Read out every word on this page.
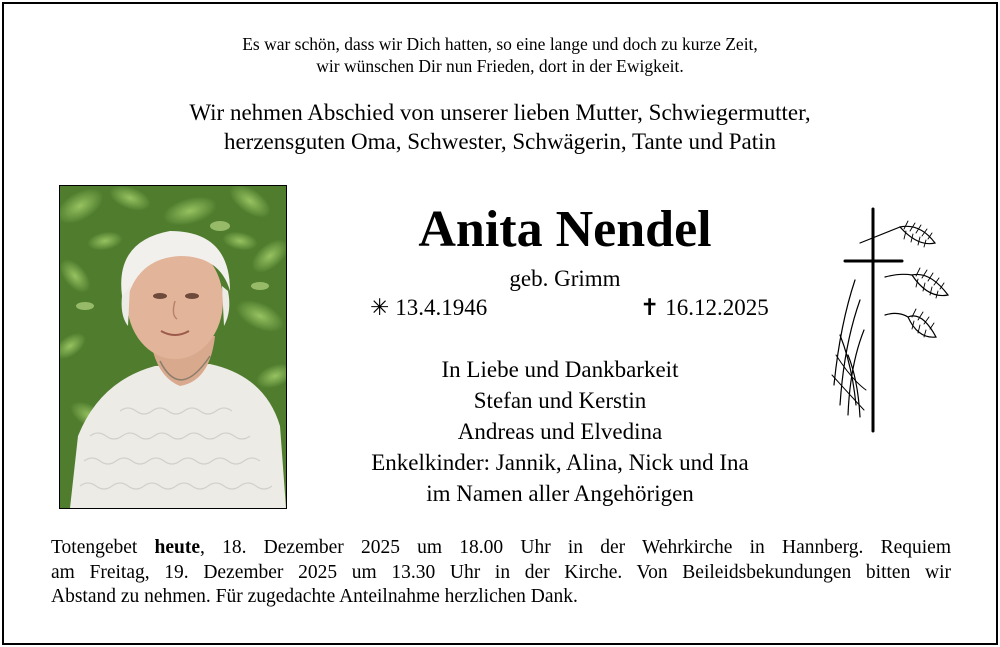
Es war schön, dass wir Dich hatten, so eine lange und doch zu kurze Zeit,
wir wünschen Dir nun Frieden, dort in der Ewigkeit.
Wir nehmen Abschied von unserer lieben Mutter, Schwiegermutter,
herzensguten Oma, Schwester, Schwägerin, Tante und Patin
Anita Nendel
geb. Grimm
✳ 13.4.1946	✝ 16.12.2025
In Liebe und Dankbarkeit
Stefan und Kerstin
Andreas und Elvedina
Enkelkinder: Jannik, Alina, Nick und Ina
im Namen aller Angehörigen
Totengebet heute, 18. Dezember 2025 um 18.00 Uhr in der Wehrkirche in Hannberg. Requiem
am Freitag, 19. Dezember 2025 um 13.30 Uhr in der Kirche. Von Beileidsbekundungen bitten wir
Abstand zu nehmen. Für zugedachte Anteilnahme herzlichen Dank.
